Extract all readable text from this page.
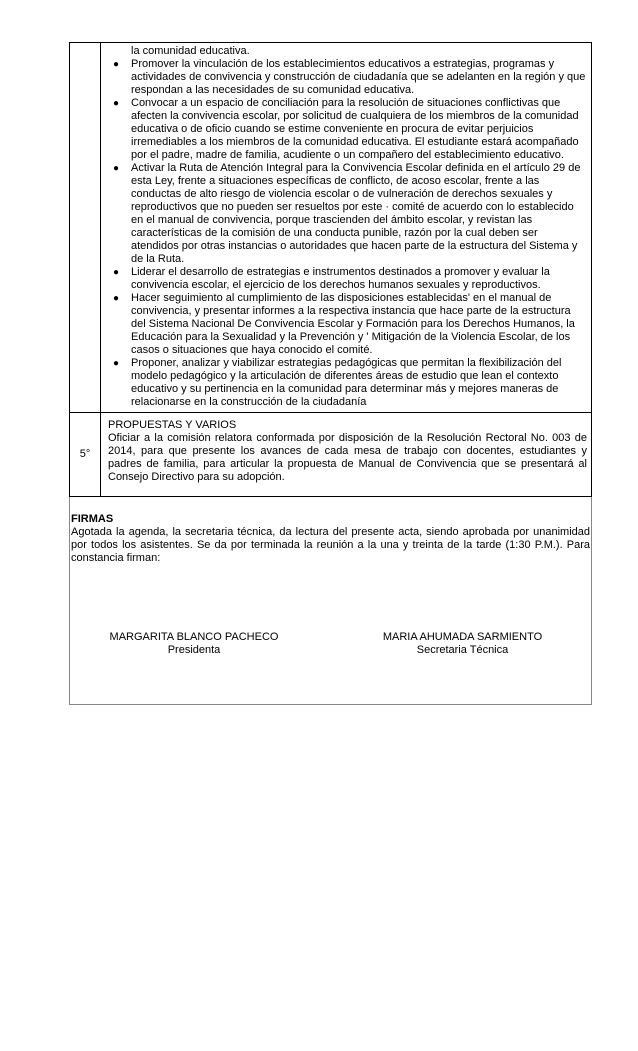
la comunidad educativa.
● Promover la vinculación de los establecimientos educativos a estrategias, programas y actividades de convivencia y construcción de ciudadanía que se adelanten en la región y que respondan a las necesidades de su comunidad educativa.
● Convocar a un espacio de conciliación para la resolución de situaciones conflictivas que afecten la convivencia escolar, por solicitud de cualquiera de los miembros de la comunidad educativa o de oficio cuando se estime conveniente en procura de evitar perjuicios irremediables a los miembros de la comunidad educativa. El estudiante estará acompañado por el padre, madre de familia, acudiente o un compañero del establecimiento educativo.
● Activar la Ruta de Atención Integral para la Convivencia Escolar definida en el artículo 29 de esta Ley, frente a situaciones específicas de conflicto, de acoso escolar, frente a las conductas de alto riesgo de violencia escolar o de vulneración de derechos sexuales y reproductivos que no pueden ser resueltos por este · comité de acuerdo con lo establecido en el manual de convivencia, porque trascienden del ámbito escolar, y revistan las características de la comisión de una conducta punible, razón por la cual deben ser atendidos por otras instancias o autoridades que hacen parte de la estructura del Sistema y de la Ruta.
● Liderar el desarrollo de estrategias e instrumentos destinados a promover y evaluar la convivencia escolar, el ejercicio de los derechos humanos sexuales y reproductivos.
● Hacer seguimiento al cumplimiento de las disposiciones establecidas' en el manual de convivencia, y presentar informes a la respectiva instancia que hace parte de la estructura del Sistema Nacional De Convivencia Escolar y Formación para los Derechos Humanos, la Educación para la Sexualidad y la Prevención y ' Mitigación de la Violencia Escolar, de los casos o situaciones que haya conocido el comité.
● Proponer, analizar y viabilizar estrategias pedagógicas que permitan la flexibilización del modelo pedagógico y la articulación de diferentes áreas de estudio que lean el contexto educativo y su pertinencia en la comunidad para determinar más y mejores maneras de relacionarse en la construcción de la ciudadanía
5°
PROPUESTAS Y VARIOS
Oficiar a la comisión relatora conformada por disposición de la Resolución Rectoral No. 003 de 2014, para que presente los avances de cada mesa de trabajo con docentes, estudiantes y padres de familia, para articular la propuesta de Manual de Convivencia que se presentará al Consejo Directivo para su adopción.
FIRMAS
Agotada la agenda, la secretaria técnica, da lectura del presente acta, siendo aprobada por unanimidad por todos los asistentes. Se da por terminada la reunión a la una y treinta de la tarde (1:30 P.M.). Para constancia firman:
MARGARITA BLANCO PACHECO
Presidenta
MARIA AHUMADA SARMIENTO
Secretaria Técnica
